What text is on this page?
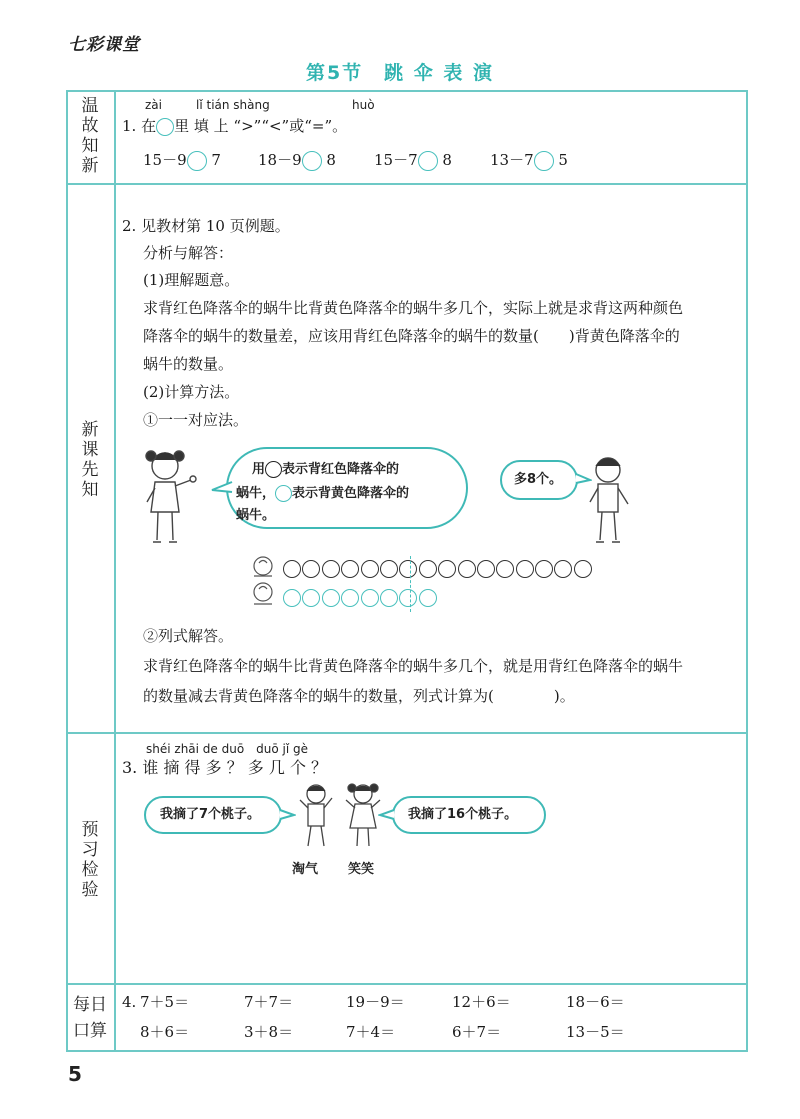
七彩课堂
第5节　跳 伞 表 演
温
故
知
新
新
课
先
知
预
习
检
验
每日
口算
zài	lǐ tián shàng	huò
1. 在 里 填 上 “>”“<”或“=”。
15－9 7 18－9 8	15－7 8	13－7 5
2. 见教材第 10 页例题。
分析与解答：
(1)理解题意。
求背红色降落伞的蜗牛比背黄色降落伞的蜗牛多几个，实际上就是求背这两种颜色
降落伞的蜗牛的数量差，应该用背红色降落伞的蜗牛的数量(　　)背黄色降落伞的
蜗牛的数量。
(2)计算方法。
①一一对应法。
用 表示背红色降落伞的
蜗牛， 表示背黄色降落伞的
蜗牛。
多8个。
②列式解答。
求背红色降落伞的蜗牛比背黄色降落伞的蜗牛多几个，就是用背红色降落伞的蜗牛
的数量减去背黄色降落伞的蜗牛的数量，列式计算为(　　　　)。
shéi zhāi de duō　duō jǐ gè
3. 谁 摘 得 多 ？ 多 几 个 ？
我摘了7个桃子。	我摘了16个桃子。
淘气 笑笑
4. 7＋5＝	7＋7＝	19－9＝	12＋6＝	18－6＝
8＋6＝	3＋8＝	7＋4＝	6＋7＝	13－5＝
5
